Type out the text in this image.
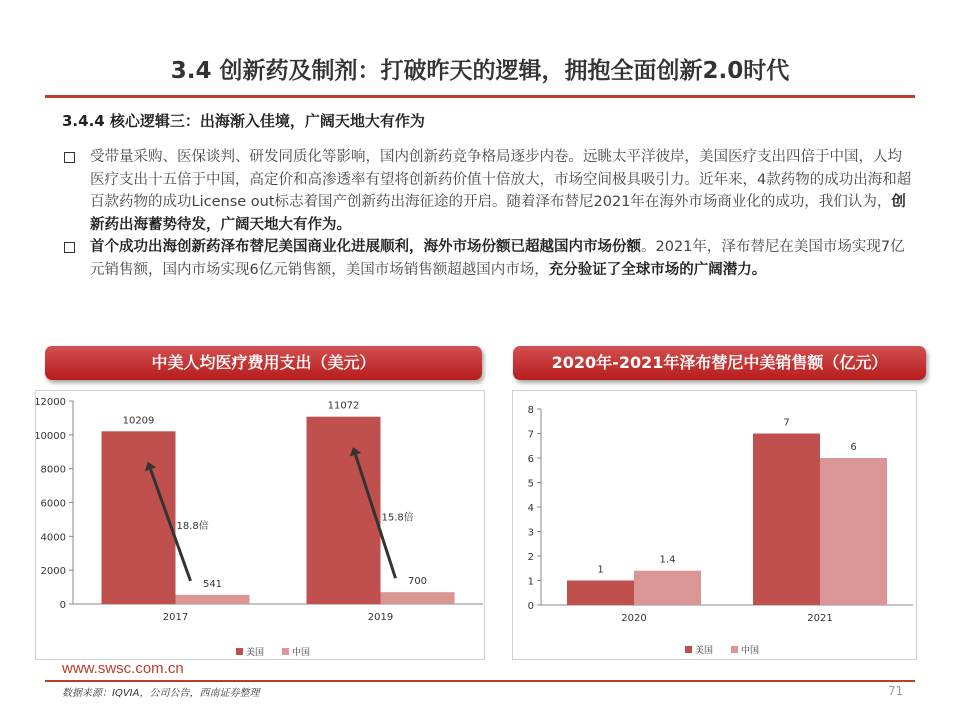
3.4 创新药及制剂：打破昨天的逻辑，拥抱全面创新2.0时代
3.4.4 核心逻辑三：出海渐入佳境，广阔天地大有作为
受带量采购、医保谈判、研发同质化等影响，国内创新药竞争格局逐步内卷。远眺太平洋彼岸，美国医疗支出四倍于中国，人均医疗支出十五倍于中国，高定价和高渗透率有望将创新药价值十倍放大，市场空间极具吸引力。近年来，4款药物的成功出海和超百款药物的成功License out标志着国产创新药出海征途的开启。随着泽布替尼2021年在海外市场商业化的成功，我们认为，创新药出海蓄势待发，广阔天地大有作为。
首个成功出海创新药泽布替尼美国商业化进展顺利，海外市场份额已超越国内市场份额。2021年，泽布替尼在美国市场实现7亿元销售额，国内市场实现6亿元销售额，美国市场销售额超越国内市场，充分验证了全球市场的广阔潜力。
中美人均医疗费用支出（美元）	2020年-2021年泽布替尼中美销售额（亿元）
0
2000
4000
6000
8000
10000
12000
2017
10209
541
2019
11072
700
18.8倍
15.8倍
美国	中国
0
1
2
3
4
5
6
7
8
2020
1
1.4
2021
7
6
美国	中国
www.swsc.com.cn
数据来源：IQVIA，公司公告，西南证券整理	71
